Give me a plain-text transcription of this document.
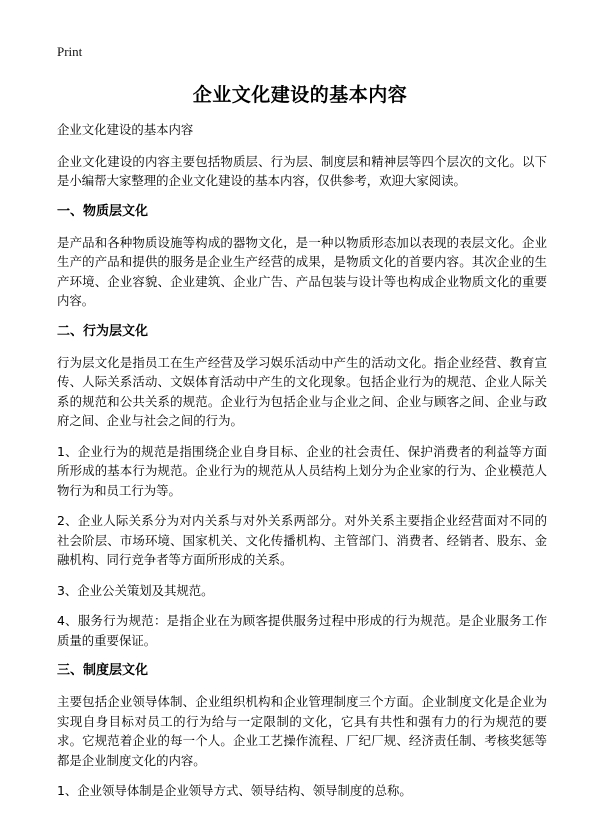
Print
企业文化建设的基本内容

企业文化建设的基本内容

企业文化建设的内容主要包括物质层、行为层、制度层和精神层等四个层次的文化。以下是小编帮大家整理的企业文化建设的基本内容，仅供参考，欢迎大家阅读。

一、物质层文化

是产品和各种物质设施等构成的器物文化，是一种以物质形态加以表现的表层文化。企业生产的产品和提供的服务是企业生产经营的成果，是物质文化的首要内容。其次企业的生产环境、企业容貌、企业建筑、企业广告、产品包装与设计等也构成企业物质文化的重要内容。

二、行为层文化

行为层文化是指员工在生产经营及学习娱乐活动中产生的活动文化。指企业经营、教育宣传、人际关系活动、文娱体育活动中产生的文化现象。包括企业行为的规范、企业人际关系的规范和公共关系的规范。企业行为包括企业与企业之间、企业与顾客之间、企业与政府之间、企业与社会之间的行为。

1、企业行为的规范是指围绕企业自身目标、企业的社会责任、保护消费者的利益等方面所形成的基本行为规范。企业行为的规范从人员结构上划分为企业家的行为、企业模范人物行为和员工行为等。

2、企业人际关系分为对内关系与对外关系两部分。对外关系主要指企业经营面对不同的社会阶层、市场环境、国家机关、文化传播机构、主管部门、消费者、经销者、股东、金融机构、同行竞争者等方面所形成的关系。

3、企业公关策划及其规范。

4、服务行为规范：是指企业在为顾客提供服务过程中形成的行为规范。是企业服务工作质量的重要保证。

三、制度层文化

主要包括企业领导体制、企业组织机构和企业管理制度三个方面。企业制度文化是企业为实现自身目标对员工的行为给与一定限制的文化，它具有共性和强有力的行为规范的要求。它规范着企业的每一个人。企业工艺操作流程、厂纪厂规、经济责任制、考核奖惩等都是企业制度文化的内容。

1、企业领导体制是企业领导方式、领导结构、领导制度的总称。
